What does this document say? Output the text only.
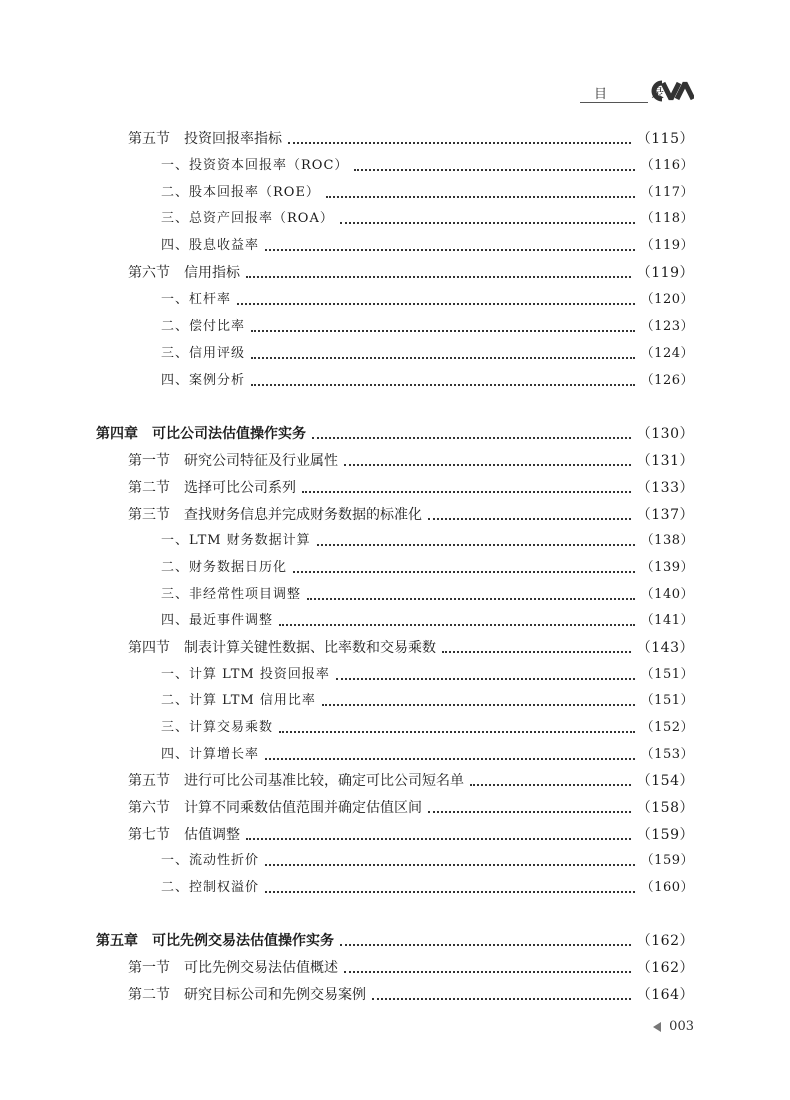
目 录
第五节　投资回报率指标	（115）
一、投资资本回报率（ROC）	（116）
二、股本回报率（ROE）	（117）
三、总资产回报率（ROA）	（118）
四、股息收益率	（119）
第六节　信用指标	（119）
一、杠杆率	（120）
二、偿付比率	（123）
三、信用评级	（124）
四、案例分析	（126）
第四章　可比公司法估值操作实务	（130）
第一节　研究公司特征及行业属性	（131）
第二节　选择可比公司系列	（133）
第三节　查找财务信息并完成财务数据的标准化	（137）
一、LTM 财务数据计算	（138）
二、财务数据日历化	（139）
三、非经常性项目调整	（140）
四、最近事件调整	（141）
第四节　制表计算关键性数据、比率数和交易乘数	（143）
一、计算 LTM 投资回报率	（151）
二、计算 LTM 信用比率	（151）
三、计算交易乘数	（152）
四、计算增长率	（153）
第五节　进行可比公司基准比较，确定可比公司短名单	（154）
第六节　计算不同乘数估值范围并确定估值区间	（158）
第七节　估值调整	（159）
一、流动性折价	（159）
二、控制权溢价	（160）
第五章　可比先例交易法估值操作实务	（162）
第一节　可比先例交易法估值概述	（162）
第二节　研究目标公司和先例交易案例	（164）
003
